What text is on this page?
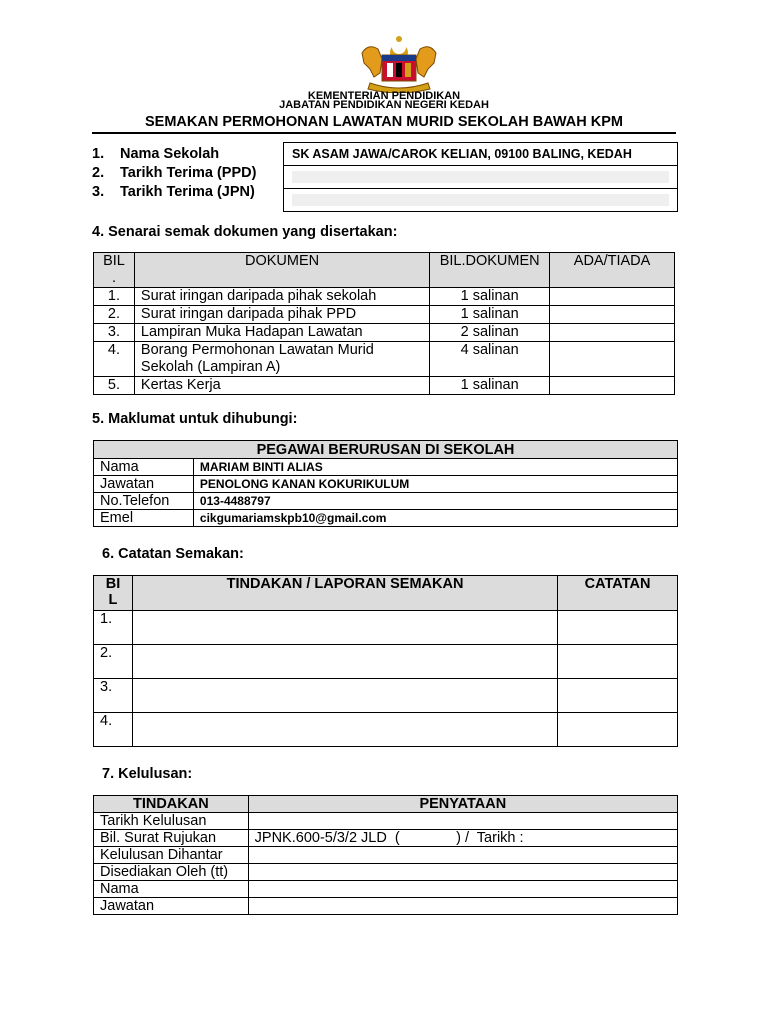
KEMENTERIAN PENDIDIKAN
JABATAN PENDIDIKAN NEGERI KEDAH
SEMAKAN PERMOHONAN LAWATAN MURID SEKOLAH BAWAH KPM
1. Nama Sekolah
2. Tarikh Terima (PPD)
3. Tarikh Terima (JPN)
SK ASAM JAWA/CAROK KELIAN, 09100 BALING, KEDAH
4. Senarai semak dokumen yang disertakan:
BIL
.	DOKUMEN	BIL.DOKUMEN	ADA/TIADA
1.	Surat iringan daripada pihak sekolah	1 salinan	
2.	Surat iringan daripada pihak PPD	1 salinan	
3.	Lampiran Muka Hadapan Lawatan	2 salinan	
4.	Borang Permohonan Lawatan Murid Sekolah (Lampiran A)	4 salinan	
5.	Kertas Kerja	1 salinan	
5. Maklumat untuk dihubungi:
PEGAWAI BERURUSAN DI SEKOLAH	
Nama	MARIAM BINTI ALIAS
Jawatan	PENOLONG KANAN KOKURIKULUM
No.Telefon	013-4488797
Emel	cikgumariamskpb10@gmail.com
6. Catatan Semakan:
BI
L	TINDAKAN / LAPORAN SEMAKAN	CATATAN
1.		
2.		
3.		
4.		
7. Kelulusan:
TINDAKAN	PENYATAAN
Tarikh Kelulusan	
Bil. Surat Rujukan	JPNK.600-5/3/2 JLD  (              ) /  Tarikh :
Kelulusan Dihantar	
Disediakan Oleh (tt)	
Nama	
Jawatan	
